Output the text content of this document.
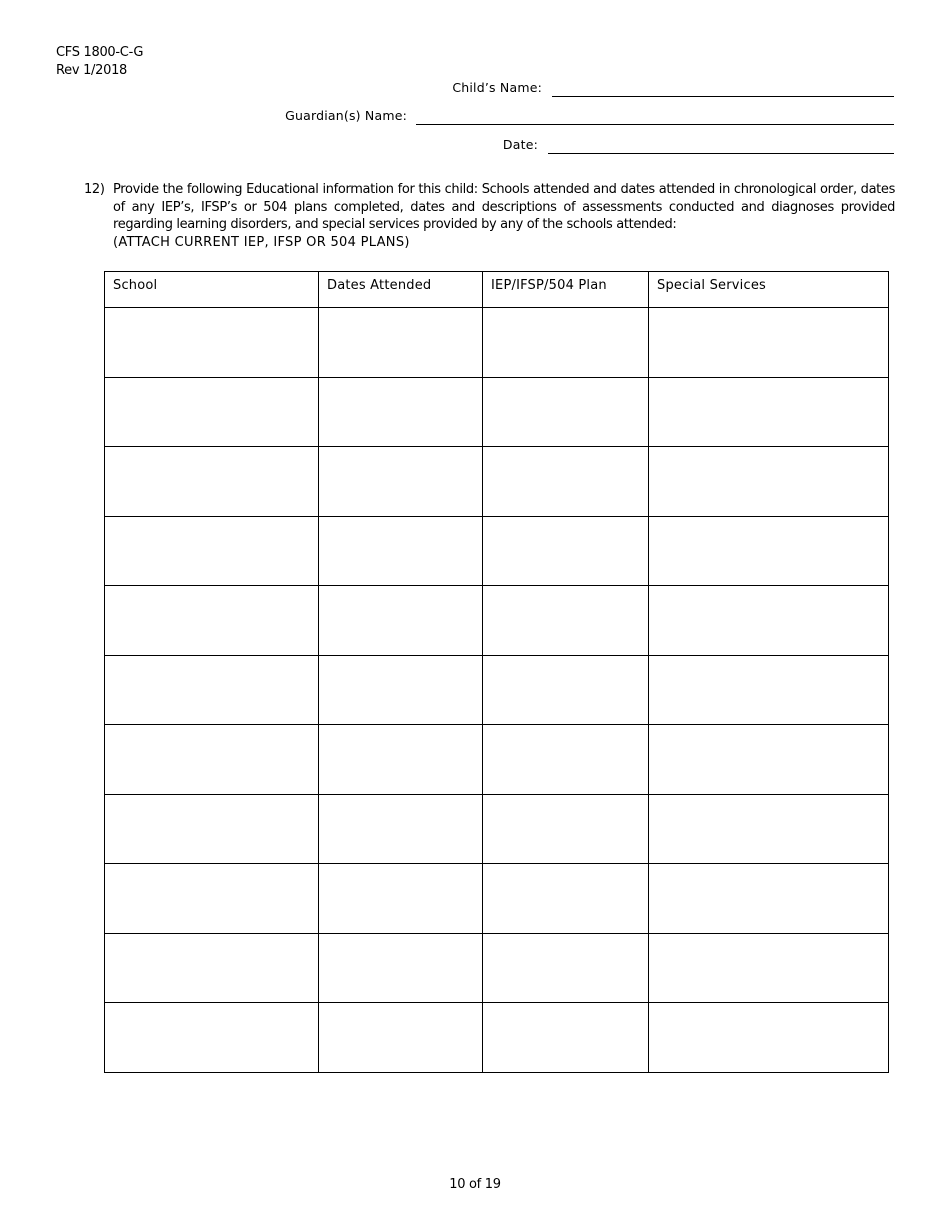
CFS 1800-C-G
Rev 1/2018
Child’s Name:
Guardian(s) Name:
Date:
12) Provide the following Educational information for this child: Schools attended and dates attended in chronological order, dates of any IEP’s, IFSP’s or 504 plans completed, dates and descriptions of assessments conducted and diagnoses provided regarding learning disorders, and special services provided by any of the schools attended:
(ATTACH CURRENT IEP, IFSP OR 504 PLANS)
School	Dates Attended	IEP/IFSP/504 Plan	Special Services

10 of 19
